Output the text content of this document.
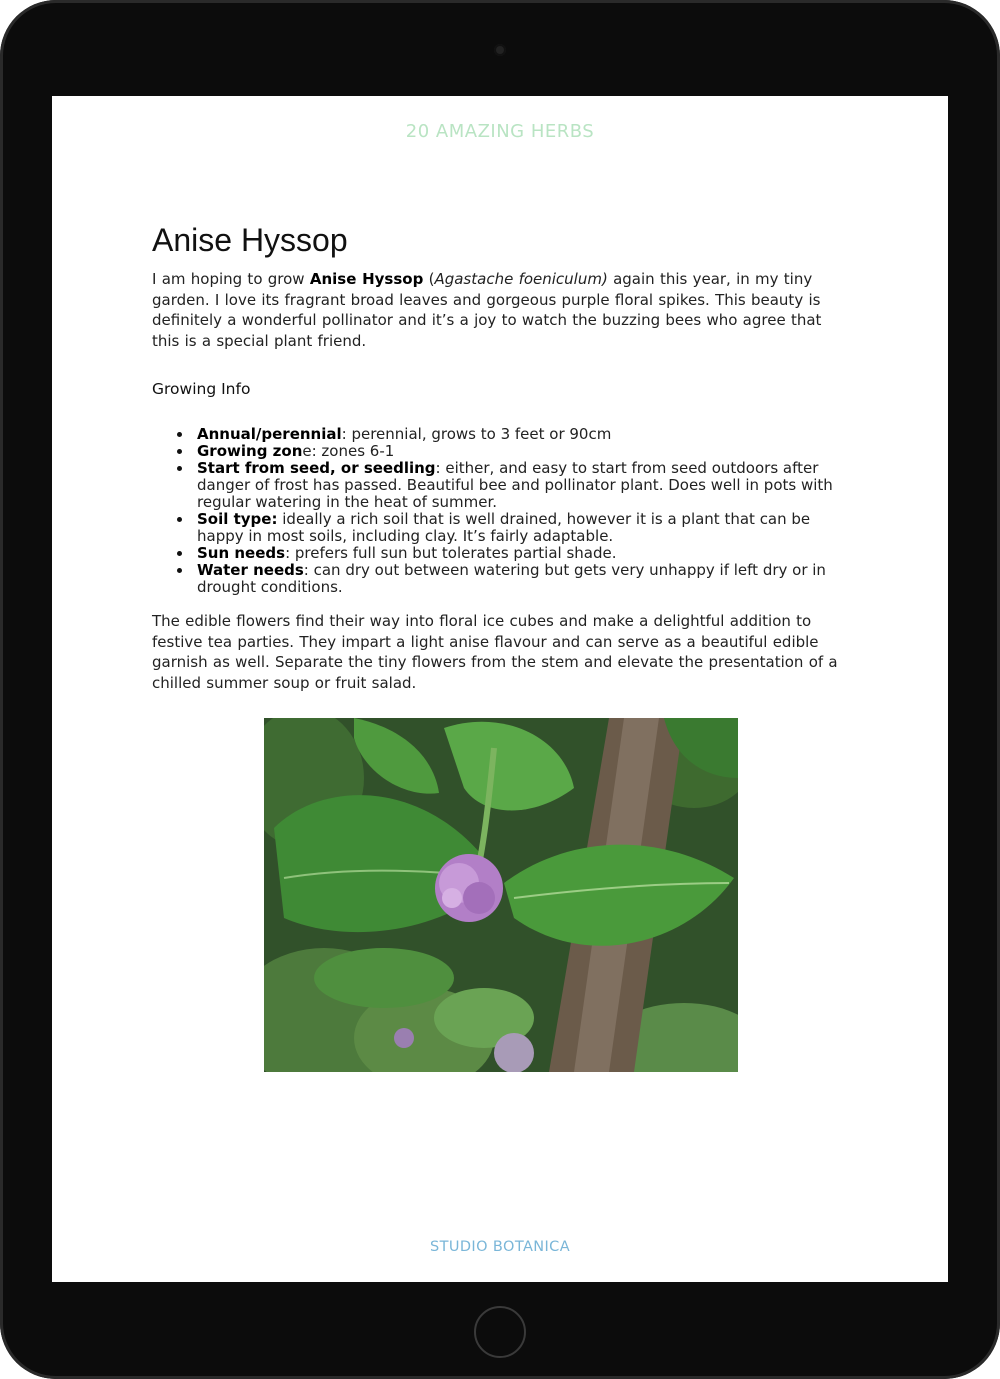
20 AMAZING HERBS
Anise Hyssop

I am hoping to grow Anise Hyssop (Agastache foeniculum) again this year, in my tiny garden. I love its fragrant broad leaves and gorgeous purple floral spikes. This beauty is definitely a wonderful pollinator and it’s a joy to watch the buzzing bees who agree that this is a special plant friend.

Growing Info
Annual/perennial: perennial, grows to 3 feet or 90cm
Growing zone: zones 6-1
Start from seed, or seedling: either, and easy to start from seed outdoors after danger of frost has passed. Beautiful bee and pollinator plant. Does well in pots with regular watering in the heat of summer.
Soil type: ideally a rich soil that is well drained, however it is a plant that can be happy in most soils, including clay. It’s fairly adaptable.
Sun needs: prefers full sun but tolerates partial shade.
Water needs: can dry out between watering but gets very unhappy if left dry or in drought conditions.

The edible flowers find their way into floral ice cubes and make a delightful addition to festive tea parties. They impart a light anise flavour and can serve as a beautiful edible garnish as well. Separate the tiny flowers from the stem and elevate the presentation of a chilled summer soup or fruit salad.

STUDIO BOTANICA
